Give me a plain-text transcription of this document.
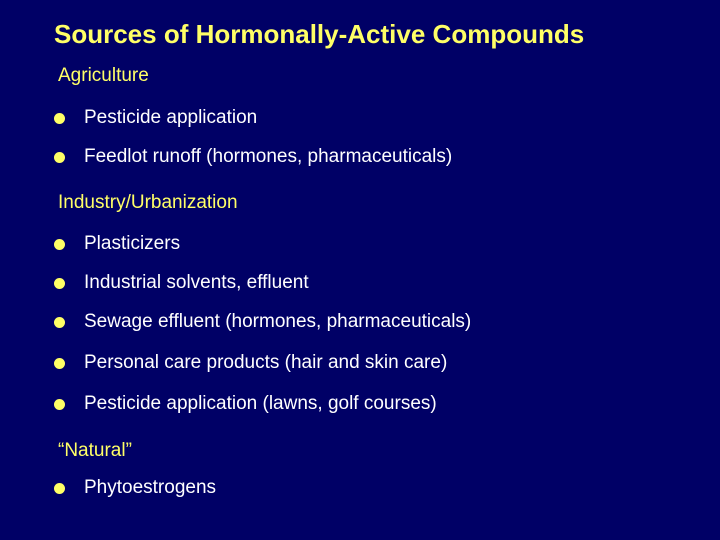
Sources of Hormonally-Active Compounds
Agriculture
Pesticide application
Feedlot runoff (hormones, pharmaceuticals)
Industry/Urbanization
Plasticizers
Industrial solvents, effluent
Sewage effluent (hormones, pharmaceuticals)
Personal care products (hair and skin care)
Pesticide application (lawns, golf courses)
“Natural”
Phytoestrogens
